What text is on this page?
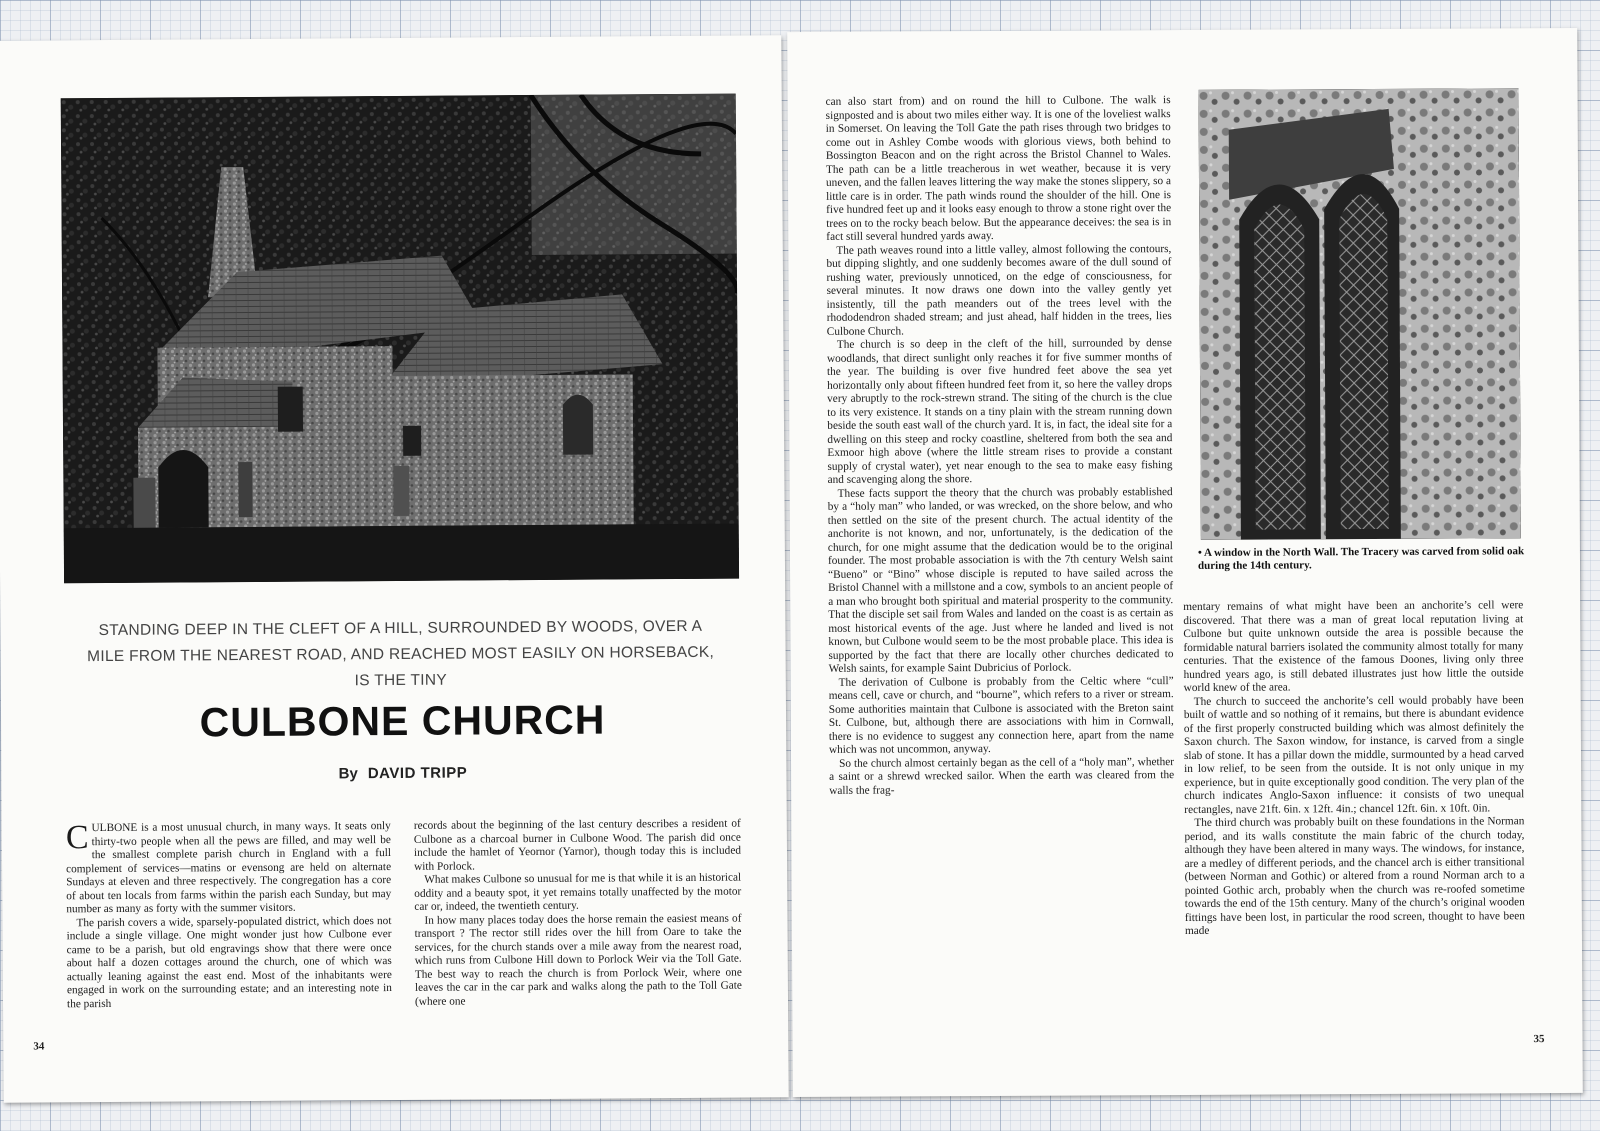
STANDING DEEP IN THE CLEFT OF A HILL, SURROUNDED BY WOODS, OVER A MILE FROM THE NEAREST ROAD, AND REACHED MOST EASILY ON HORSEBACK, IS THE TINY
CULBONE CHURCH
By DAVID TRIPP

CULBONE is a most unusual church, in many ways. It seats only thirty-two people when all the pews are filled, and may well be the smallest complete parish church in England with a full complement of services—matins or evensong are held on alternate Sundays at eleven and three respectively. The congregation has a core of about ten locals from farms within the parish each Sunday, but may number as many as forty with the summer visitors.

The parish covers a wide, sparsely-populated district, which does not include a single village. One might wonder just how Culbone ever came to be a parish, but old engravings show that there were once about half a dozen cottages around the church, one of which was actually leaning against the east end. Most of the inhabitants were engaged in work on the surrounding estate; and an interesting note in the parish

records about the beginning of the last century describes a resident of Culbone as a charcoal burner in Culbone Wood. The parish did once include the hamlet of Yeornor (Yarnor), though today this is included with Porlock.

What makes Culbone so unusual for me is that while it is an historical oddity and a beauty spot, it yet remains totally unaffected by the motor car or, indeed, the twentieth century.

In how many places today does the horse remain the easiest means of transport ? The rector still rides over the hill from Oare to take the services, for the church stands over a mile away from the nearest road, which runs from Culbone Hill down to Porlock Weir via the Toll Gate. The best way to reach the church is from Porlock Weir, where one leaves the car in the car park and walks along the path to the Toll Gate (where one

34

can also start from) and on round the hill to Culbone. The walk is signposted and is about two miles either way. It is one of the loveliest walks in Somerset. On leaving the Toll Gate the path rises through two bridges to come out in Ashley Combe woods with glorious views, both behind to Bossington Beacon and on the right across the Bristol Channel to Wales. The path can be a little treacherous in wet weather, because it is very uneven, and the fallen leaves littering the way make the stones slippery, so a little care is in order. The path winds round the shoulder of the hill. One is five hundred feet up and it looks easy enough to throw a stone right over the trees on to the rocky beach below. But the appearance deceives: the sea is in fact still several hundred yards away.

The path weaves round into a little valley, almost following the contours, but dipping slightly, and one suddenly becomes aware of the dull sound of rushing water, previously unnoticed, on the edge of consciousness, for several minutes. It now draws one down into the valley gently yet insistently, till the path meanders out of the trees level with the rhododendron shaded stream; and just ahead, half hidden in the trees, lies Culbone Church.

The church is so deep in the cleft of the hill, surrounded by dense woodlands, that direct sunlight only reaches it for five summer months of the year. The building is over five hundred feet above the sea yet horizontally only about fifteen hundred feet from it, so here the valley drops very abruptly to the rock-strewn strand. The siting of the church is the clue to its very existence. It stands on a tiny plain with the stream running down beside the south east wall of the church yard. It is, in fact, the ideal site for a dwelling on this steep and rocky coastline, sheltered from both the sea and Exmoor high above (where the little stream rises to provide a constant supply of crystal water), yet near enough to the sea to make easy fishing and scavenging along the shore.

These facts support the theory that the church was probably established by a “holy man” who landed, or was wrecked, on the shore below, and who then settled on the site of the present church. The actual identity of the anchorite is not known, and nor, unfortunately, is the dedication of the church, for one might assume that the dedication would be to the original founder. The most probable association is with the 7th century Welsh saint “Bueno” or “Bino” whose disciple is reputed to have sailed across the Bristol Channel with a millstone and a cow, symbols to an ancient people of a man who brought both spiritual and material prosperity to the community. That the disciple set sail from Wales and landed on the coast is as certain as most historical events of the age. Just where he landed and lived is not known, but Culbone would seem to be the most probable place. This idea is supported by the fact that there are locally other churches dedicated to Welsh saints, for example Saint Dubricius of Porlock.

The derivation of Culbone is probably from the Celtic where “cull” means cell, cave or church, and “bourne”, which refers to a river or stream. Some authorities maintain that Culbone is associated with the Breton saint St. Culbone, but, although there are associations with him in Cornwall, there is no evidence to suggest any connection here, apart from the name which was not uncommon, anyway.

So the church almost certainly began as the cell of a “holy man”, whether a saint or a shrewd wrecked sailor. When the earth was cleared from the walls the frag-

• A window in the North Wall. The Tracery was carved from solid oak during the 14th century.

mentary remains of what might have been an anchorite’s cell were discovered. That there was a man of great local reputation living at Culbone but quite unknown outside the area is possible because the formidable natural barriers isolated the community almost totally for many centuries. That the existence of the famous Doones, living only three hundred years ago, is still debated illustrates just how little the outside world knew of the area.

The church to succeed the anchorite’s cell would probably have been built of wattle and so nothing of it remains, but there is abundant evidence of the first properly constructed building which was almost definitely the Saxon church. The Saxon window, for instance, is carved from a single slab of stone. It has a pillar down the middle, surmounted by a head carved in low relief, to be seen from the outside. It is not only unique in my experience, but in quite exceptionally good condition. The very plan of the church indicates Anglo-Saxon influence: it consists of two unequal rectangles, nave 21ft. 6in. x 12ft. 4in.; chancel 12ft. 6in. x 10ft. 0in.

The third church was probably built on these foundations in the Norman period, and its walls constitute the main fabric of the church today, although they have been altered in many ways. The windows, for instance, are a medley of different periods, and the chancel arch is either transitional (between Norman and Gothic) or altered from a round Norman arch to a pointed Gothic arch, probably when the church was re-roofed sometime towards the end of the 15th century. Many of the church’s original wooden fittings have been lost, in particular the rood screen, thought to have been made

35
